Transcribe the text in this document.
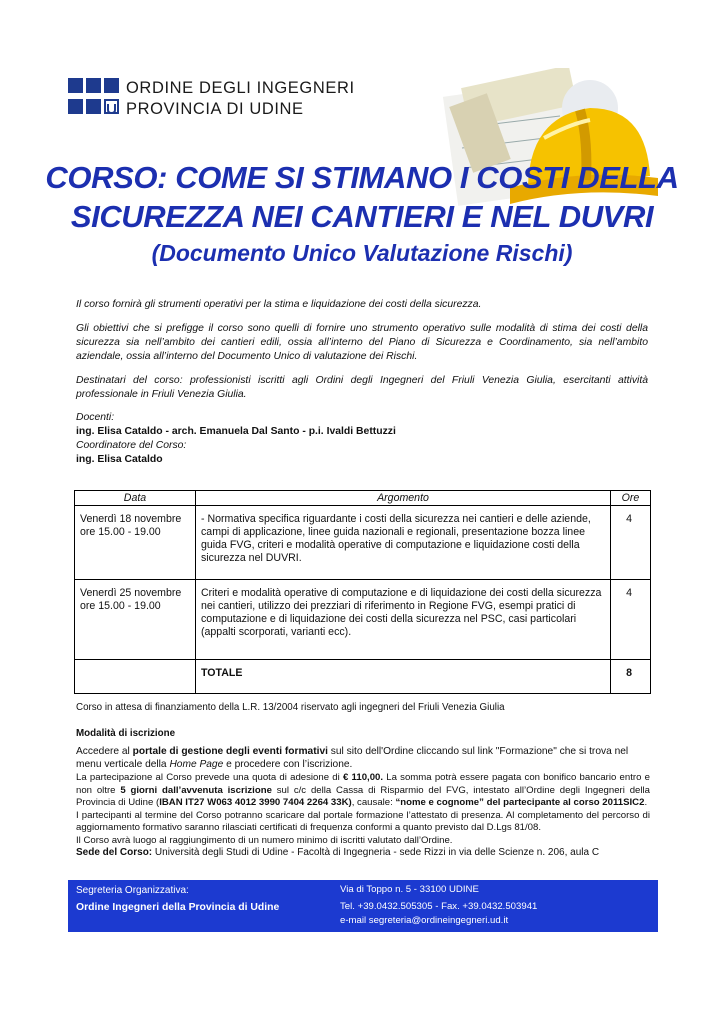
ORDINE DEGLI INGEGNERI
PROVINCIA DI UDINE
CORSO: COME SI STIMANO I COSTI DELLA
SICUREZZA NEI CANTIERI E NEL DUVRI
(Documento Unico Valutazione Rischi)
Il corso fornirà gli strumenti operativi per la stima e liquidazione dei costi della sicurezza.
Gli obiettivi che si prefigge il corso sono quelli di fornire uno strumento operativo sulle modalità di stima dei costi della sicurezza sia nell’ambito dei cantieri edili, ossia all’interno del Piano di Sicurezza e Coordinamento, sia nell’ambito aziendale, ossia all’interno del Documento Unico di valutazione dei Rischi.
Destinatari del corso: professionisti iscritti agli Ordini degli Ingegneri del Friuli Venezia Giulia, esercitanti attività professionale in Friuli Venezia Giulia.
Docenti:
ing. Elisa Cataldo - arch. Emanuela Dal Santo - p.i. Ivaldi Bettuzzi
Coordinatore del Corso:
ing. Elisa Cataldo
Data	Argomento	Ore

Venerdì 18 novembre
ore 15.00 - 19.00	- Normativa specifica riguardante i costi della sicurezza nei cantieri e delle aziende, campi di applicazione, linee guida nazionali e regionali, presentazione bozza linee guida FVG, criteri e modalità operative di computazione e liquidazione costi della sicurezza nel DUVRI.	4

Venerdì 25 novembre
ore 15.00 - 19.00	Criteri e modalità operative di computazione e di liquidazione dei costi della sicurezza nei cantieri, utilizzo dei prezziari di riferimento in Regione FVG, esempi pratici di computazione e di liquidazione dei costi della sicurezza nel PSC, casi particolari (appalti scorporati, varianti ecc).	4
	TOTALE	8
Corso in attesa di finanziamento della L.R. 13/2004 riservato agli ingegneri del Friuli Venezia Giulia
Modalità di iscrizione
Accedere al portale di gestione degli eventi formativi sul sito dell'Ordine cliccando sul link "Formazione" che si trova nel menu verticale della Home Page e procedere con l’iscrizione.
La partecipazione al Corso prevede una quota di adesione di € 110,00. La somma potrà essere pagata con bonifico bancario entro e non oltre 5 giorni dall’avvenuta iscrizione sul c/c della Cassa di Risparmio del FVG, intestato all’Ordine degli Ingegneri della Provincia di Udine (IBAN IT27 W063 4012 3990 7404 2264 33K), causale: “nome e cognome” del partecipante al corso 2011SIC2.
I partecipanti al termine del Corso potranno scaricare dal portale formazione l’attestato di presenza. Al completamento del percorso di aggiornamento formativo saranno rilasciati certificati di frequenza conformi a quanto previsto dal D.Lgs 81/08.
Il Corso avrà luogo al raggiungimento di un numero minimo di iscritti valutato dall’Ordine.
Sede del Corso: Università degli Studi di Udine - Facoltà di Ingegneria - sede Rizzi in via delle Scienze n. 206, aula C
Segreteria Organizzativa:
Ordine Ingegneri della Provincia di Udine
Via di Toppo n. 5 - 33100 UDINE
Tel. +39.0432.505305 - Fax. +39.0432.503941
e-mail segreteria@ordineingegneri.ud.it
